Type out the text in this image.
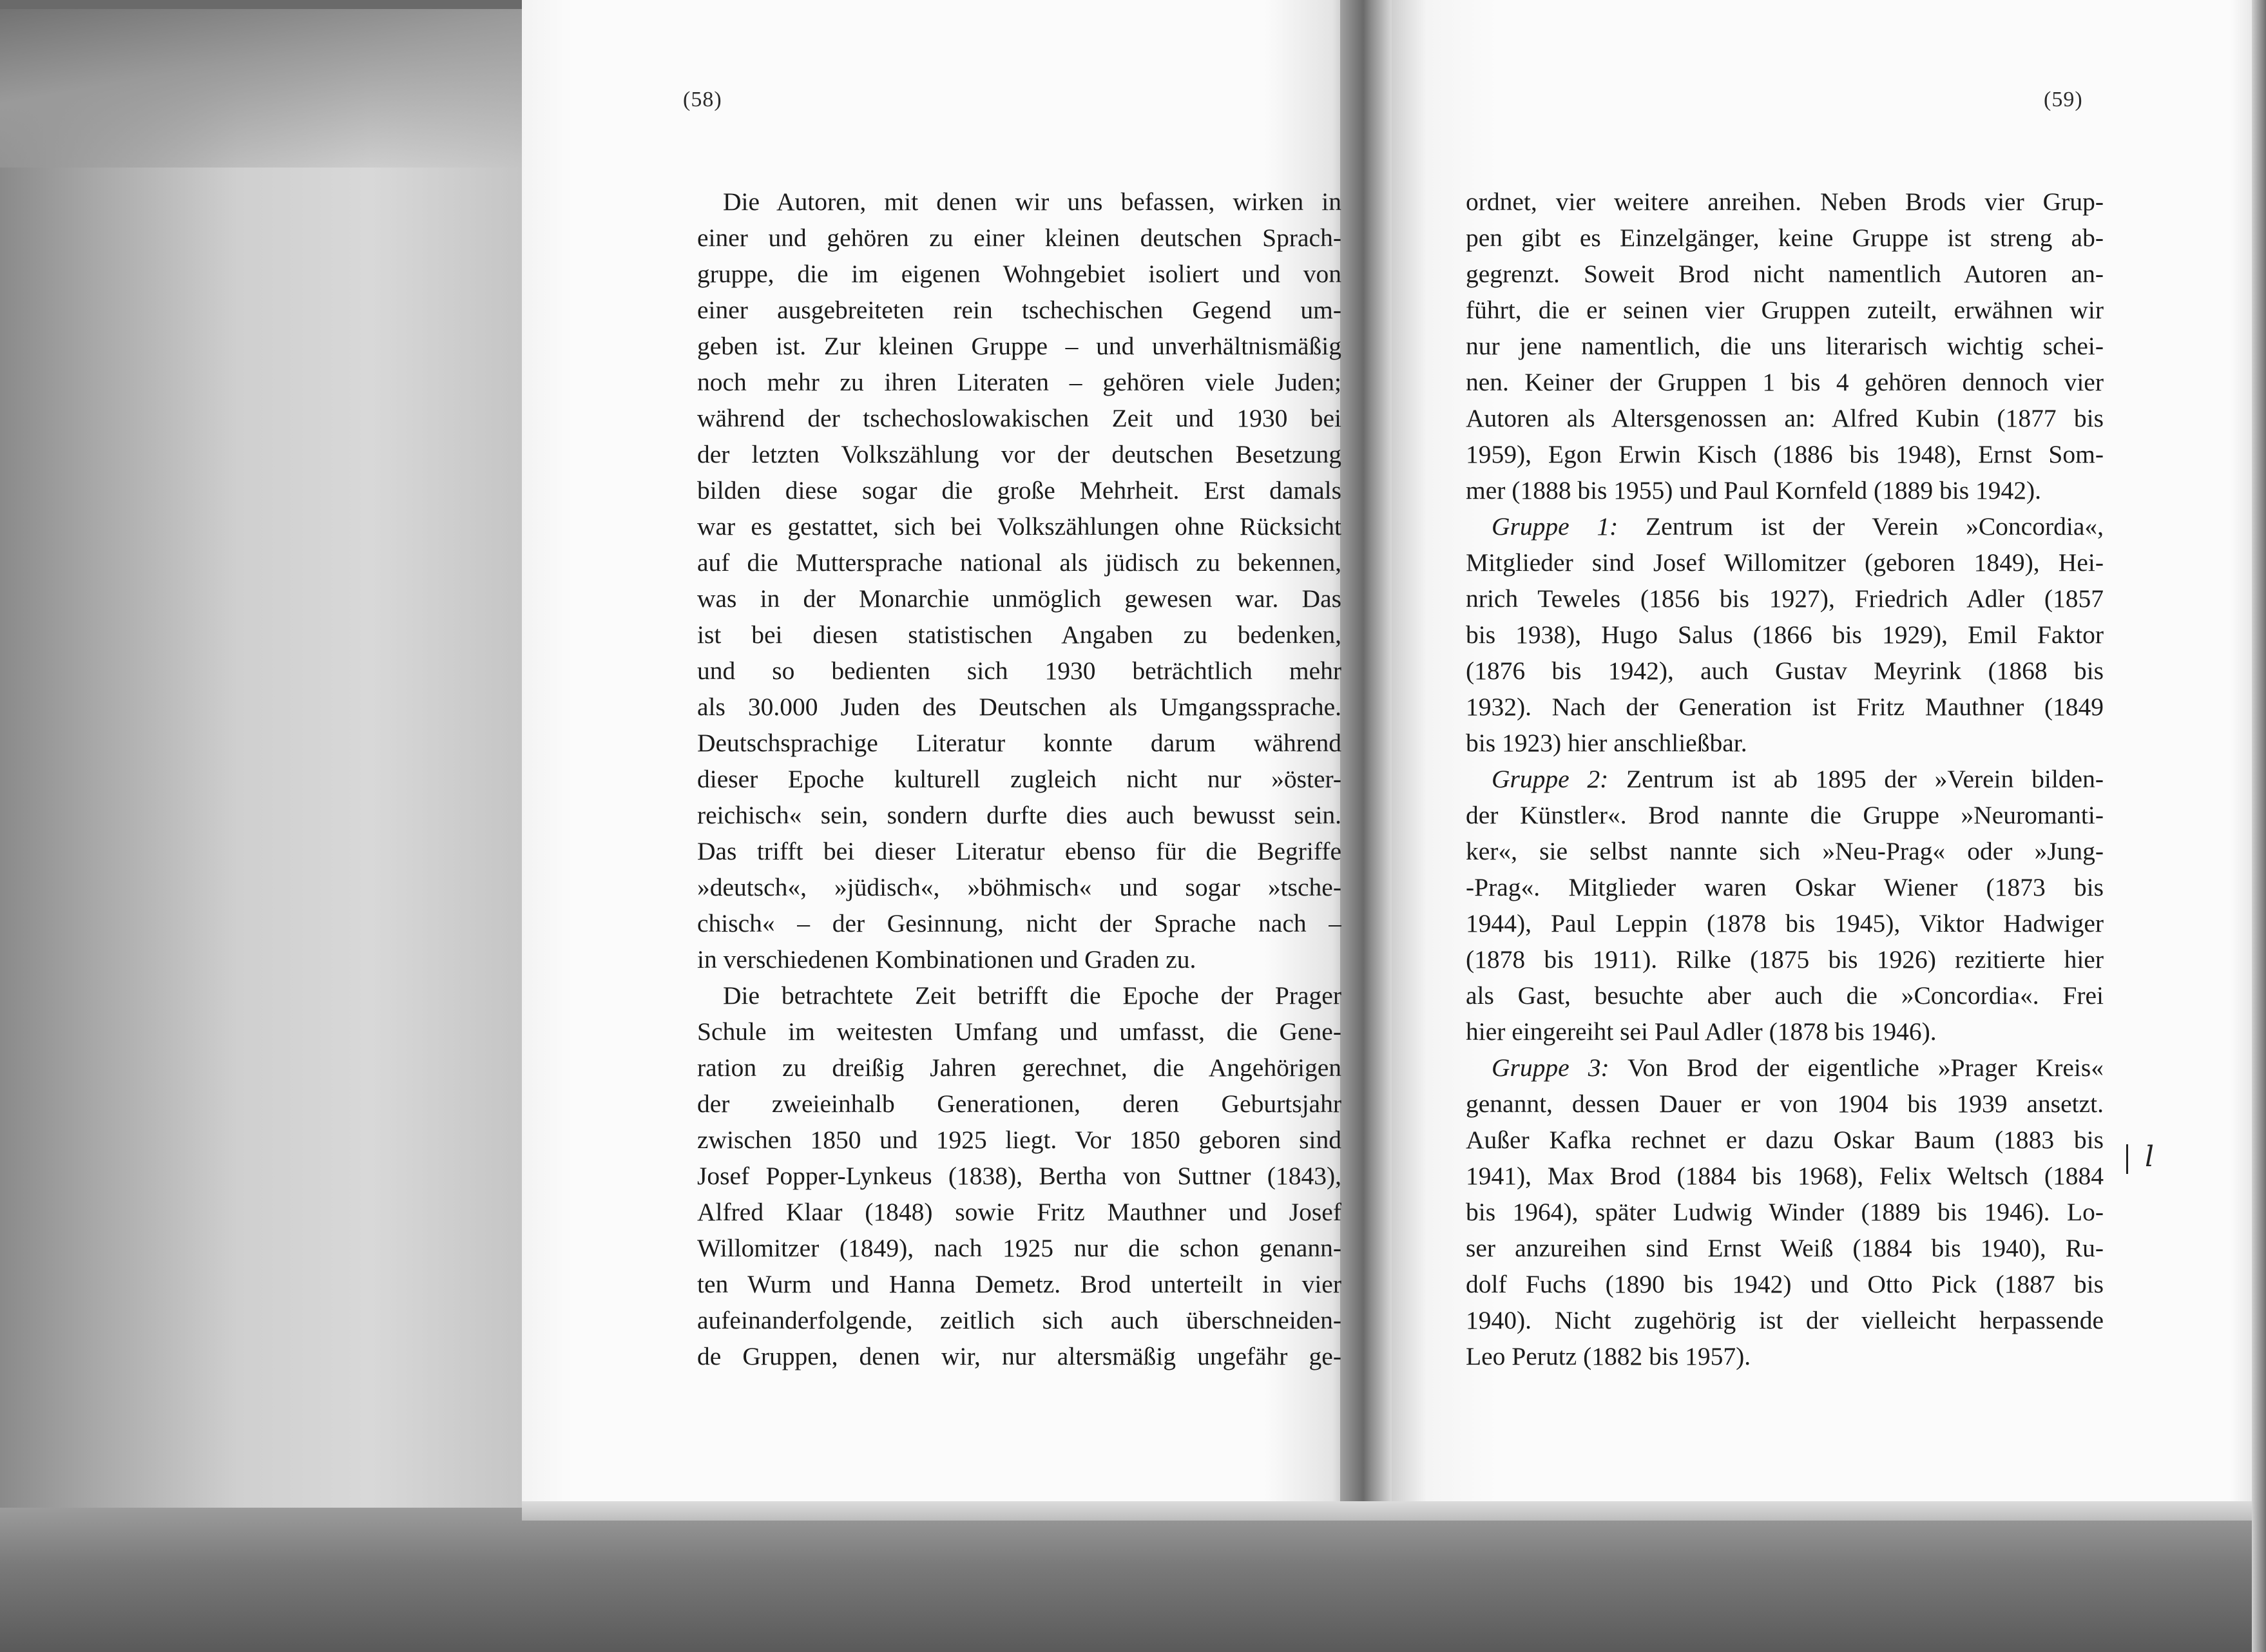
(58)	(59)
Die Autoren, mit denen wir uns befassen, wirken in
einer und gehören zu einer kleinen deutschen Sprach-
gruppe, die im eigenen Wohngebiet isoliert und von
einer ausgebreiteten rein tschechischen Gegend um-
geben ist. Zur kleinen Gruppe – und unverhältnismäßig
noch mehr zu ihren Literaten – gehören viele Juden;
während der tschechoslowakischen Zeit und 1930 bei
der letzten Volkszählung vor der deutschen Besetzung
bilden diese sogar die große Mehrheit. Erst damals
war es gestattet, sich bei Volkszählungen ohne Rücksicht
auf die Muttersprache national als jüdisch zu bekennen,
was in der Monarchie unmöglich gewesen war. Das
ist bei diesen statistischen Angaben zu bedenken,
und so bedienten sich 1930 beträchtlich mehr
als 30.000 Juden des Deutschen als Umgangssprache.
Deutschsprachige Literatur konnte darum während
dieser Epoche kulturell zugleich nicht nur »öster-
reichisch« sein, sondern durfte dies auch bewusst sein.
Das trifft bei dieser Literatur ebenso für die Begriffe
»deutsch«, »jüdisch«, »böhmisch« und sogar »tsche-
chisch« – der Gesinnung, nicht der Sprache nach –
in verschiedenen Kombinationen und Graden zu.
Die betrachtete Zeit betrifft die Epoche der Prager
Schule im weitesten Umfang und umfasst, die Gene-
ration zu dreißig Jahren gerechnet, die Angehörigen
der zweieinhalb Generationen, deren Geburtsjahr
zwischen 1850 und 1925 liegt. Vor 1850 geboren sind
Josef Popper-Lynkeus (1838), Bertha von Suttner (1843),
Alfred Klaar (1848) sowie Fritz Mauthner und Josef
Willomitzer (1849), nach 1925 nur die schon genann-
ten Wurm und Hanna Demetz. Brod unterteilt in vier
aufeinanderfolgende, zeitlich sich auch überschneiden-
de Gruppen, denen wir, nur altersmäßig ungefähr ge-
ordnet, vier weitere anreihen. Neben Brods vier Grup-
pen gibt es Einzelgänger, keine Gruppe ist streng ab-
gegrenzt. Soweit Brod nicht namentlich Autoren an-
führt, die er seinen vier Gruppen zuteilt, erwähnen wir
nur jene namentlich, die uns literarisch wichtig schei-
nen. Keiner der Gruppen 1 bis 4 gehören dennoch vier
Autoren als Altersgenossen an: Alfred Kubin (1877 bis
1959), Egon Erwin Kisch (1886 bis 1948), Ernst Som-
mer (1888 bis 1955) und Paul Kornfeld (1889 bis 1942).
Gruppe 1: Zentrum ist der Verein »Concordia«,
Mitglieder sind Josef Willomitzer (geboren 1849), Hei-
nrich Teweles (1856 bis 1927), Friedrich Adler (1857
bis 1938), Hugo Salus (1866 bis 1929), Emil Faktor
(1876 bis 1942), auch Gustav Meyrink (1868 bis
1932). Nach der Generation ist Fritz Mauthner (1849
bis 1923) hier anschließbar.
Gruppe 2: Zentrum ist ab 1895 der »Verein bilden-
der Künstler«. Brod nannte die Gruppe »Neuromanti-
ker«, sie selbst nannte sich »Neu-Prag« oder »Jung-
-Prag«. Mitglieder waren Oskar Wiener (1873 bis
1944), Paul Leppin (1878 bis 1945), Viktor Hadwiger
(1878 bis 1911). Rilke (1875 bis 1926) rezitierte hier
als Gast, besuchte aber auch die »Concordia«. Frei
hier eingereiht sei Paul Adler (1878 bis 1946).
Gruppe 3: Von Brod der eigentliche »Prager Kreis«
genannt, dessen Dauer er von 1904 bis 1939 ansetzt.
Außer Kafka rechnet er dazu Oskar Baum (1883 bis
1941), Max Brod (1884 bis 1968), Felix Weltsch (1884
bis 1964), später Ludwig Winder (1889 bis 1946). Lo-
ser anzureihen sind Ernst Weiß (1884 bis 1940), Ru-
dolf Fuchs (1890 bis 1942) und Otto Pick (1887 bis
1940). Nicht zugehörig ist der vielleicht herpassende
Leo Perutz (1882 bis 1957).
l
